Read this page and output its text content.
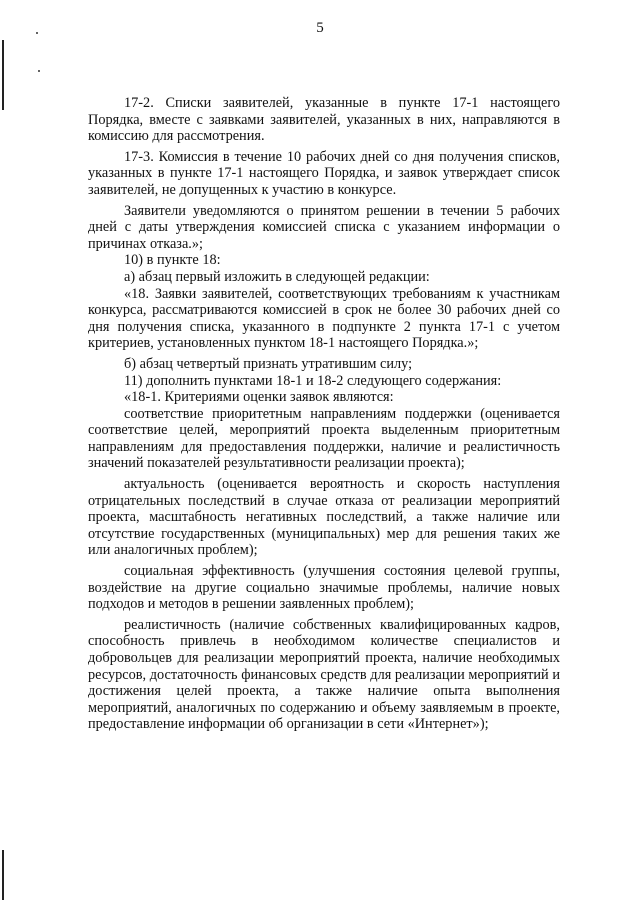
5

17-2. Списки заявителей, указанные в пункте 17-1 настоящего Порядка, вместе с заявками заявителей, указанных в них, направляются в комиссию для рассмотрения.

17-3. Комиссия в течение 10 рабочих дней со дня получения списков, указанных в пункте 17-1 настоящего Порядка, и заявок утверждает список заявителей, не допущенных к участию в конкурсе.

Заявители уведомляются о принятом решении в течении 5 рабочих дней с даты утверждения комиссией списка с указанием информации о причинах отказа.»;

10) в пункте 18:

а) абзац первый изложить в следующей редакции:

«18. Заявки заявителей, соответствующих требованиям к участникам конкурса, рассматриваются комиссией в срок не более 30 рабочих дней со дня получения списка, указанного в подпункте 2 пункта 17-1 с учетом критериев, установленных пунктом 18-1 настоящего Порядка.»;

б) абзац четвертый признать утратившим силу;

11) дополнить пунктами 18-1 и 18-2 следующего содержания:

«18-1. Критериями оценки заявок являются:

соответствие приоритетным направлениям поддержки (оценивается соответствие целей, мероприятий проекта выделенным приоритетным направлениям для предоставления поддержки, наличие и реалистичность значений показателей результативности реализации проекта);

актуальность (оценивается вероятность и скорость наступления отрицательных последствий в случае отказа от реализации мероприятий проекта, масштабность негативных последствий, а также наличие или отсутствие государственных (муниципальных) мер для решения таких же или аналогичных проблем);

социальная эффективность (улучшения состояния целевой группы, воздействие на другие социально значимые проблемы, наличие новых подходов и методов в решении заявленных проблем);

реалистичность (наличие собственных квалифицированных кадров, способность привлечь в необходимом количестве специалистов и добровольцев для реализации мероприятий проекта, наличие необходимых ресурсов, достаточность финансовых средств для реализации мероприятий и достижения целей проекта, а также наличие опыта выполнения мероприятий, аналогичных по содержанию и объему заявляемым в проекте, предоставление информации об организации в сети «Интернет»);
